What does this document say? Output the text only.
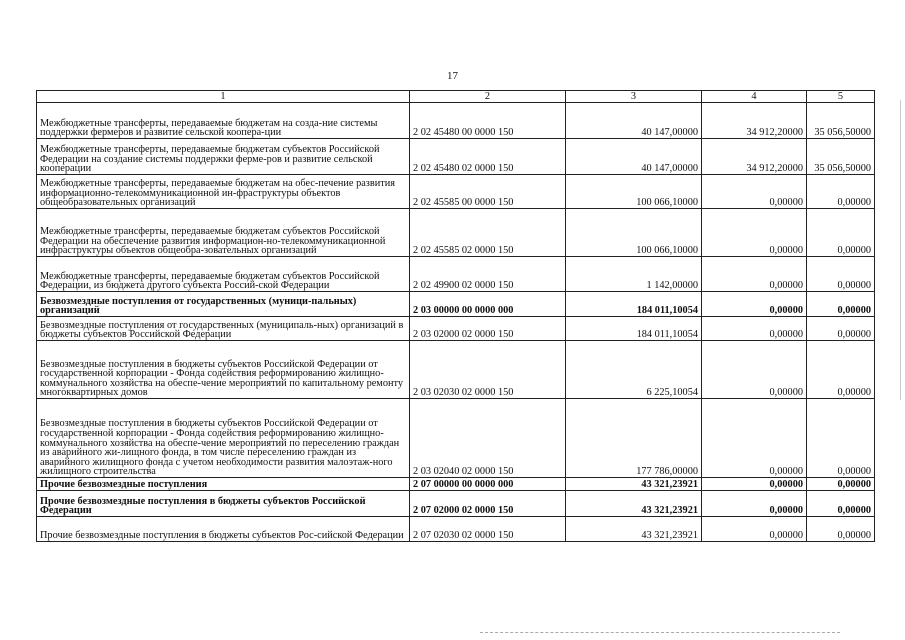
17
1	2	3	4	5
Межбюджетные трансферты, передаваемые бюджетам на созда-ние системы поддержки фермеров и развитие сельской коопера-ции	2 02 45480 00 0000 150	40 147,00000	34 912,20000	35 056,50000
Межбюджетные трансферты, передаваемые бюджетам субъектов Российской Федерации на создание системы поддержки ферме-ров и развитие сельской кооперации	2 02 45480 02 0000 150	40 147,00000	34 912,20000	35 056,50000
Межбюджетные трансферты, передаваемые бюджетам на обес-печение развития информационно-телекоммуникационной ин-фраструктуры объектов общеобразовательных организаций	2 02 45585 00 0000 150	100 066,10000	0,00000	0,00000
Межбюджетные трансферты, передаваемые бюджетам субъектов Российской Федерации на обеспечение развития информацион-но-телекоммуникационной инфраструктуры объектов общеобра-зовательных организаций	2 02 45585 02 0000 150	100 066,10000	0,00000	0,00000
Межбюджетные трансферты, передаваемые бюджетам субъектов Российской Федерации, из бюджета другого субъекта Россий-ской Федерации	2 02 49900 02 0000 150	1 142,00000	0,00000	0,00000
Безвозмездные поступления от государственных (муници-пальных) организаций	2 03 00000 00 0000 000	184 011,10054	0,00000	0,00000
Безвозмездные поступления от государственных (муниципаль-ных) организаций в бюджеты субъектов Российской Федерации	2 03 02000 02 0000 150	184 011,10054	0,00000	0,00000
Безвозмездные поступления в бюджеты субъектов Российской Федерации от государственной корпорации - Фонда содействия реформированию жилищно-коммунального хозяйства на обеспе-чение мероприятий по капитальному ремонту многоквартирных домов	2 03 02030 02 0000 150	6 225,10054	0,00000	0,00000
Безвозмездные поступления в бюджеты субъектов Российской Федерации от государственной корпорации - Фонда содействия реформированию жилищно-коммунального хозяйства на обеспе-чение мероприятий по переселению граждан из аварийного жи-лищного фонда, в том числе переселению граждан из аварийного жилищного фонда с учетом необходимости развития малоэтаж-ного жилищного строительства	2 03 02040 02 0000 150	177 786,00000	0,00000	0,00000
Прочие безвозмездные поступления	2 07 00000 00 0000 000	43 321,23921	0,00000	0,00000
Прочие безвозмездные поступления в бюджеты субъектов Российской Федерации	2 07 02000 02 0000 150	43 321,23921	0,00000	0,00000
Прочие безвозмездные поступления в бюджеты субъектов Рос-сийской Федерации	2 07 02030 02 0000 150	43 321,23921	0,00000	0,00000
